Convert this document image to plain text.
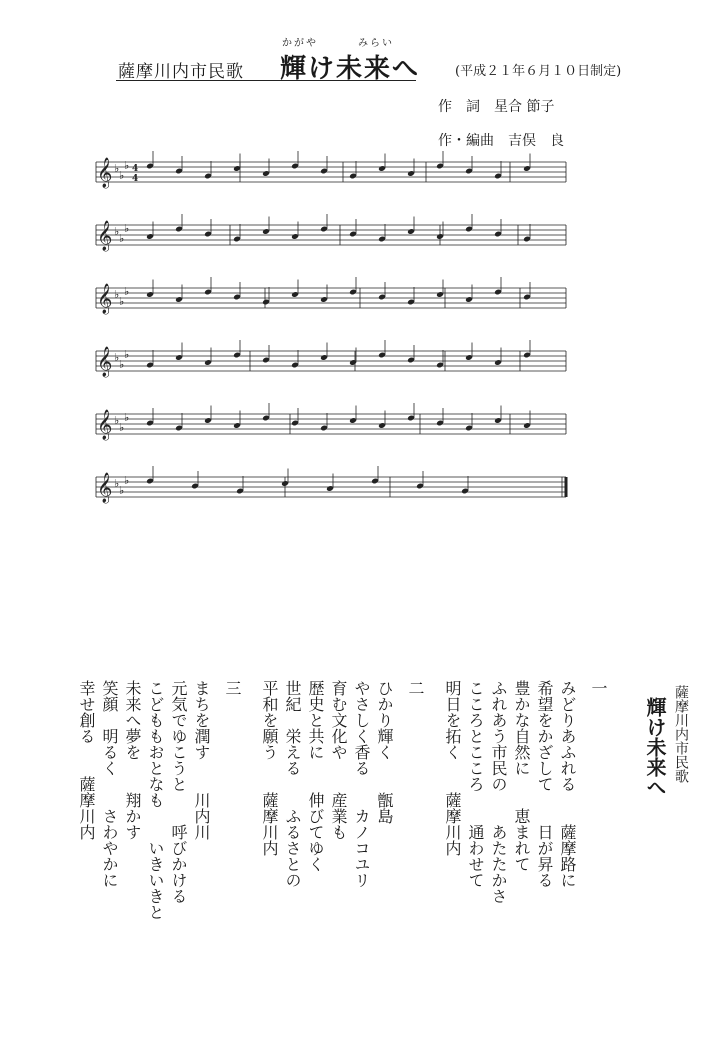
薩摩川内市民歌
かがや	みらい
輝け未来へ	(平成２１年６月１０日制定)
作　詞　星合 節子
作・編曲　吉俣　良
𝄞 ♭
♭
♭ 4
4
𝄞 ♭
♭
♭
𝄞 ♭
♭
♭
𝄞 ♭
♭
♭
𝄞 ♭
♭
♭
𝄞 ♭
♭
♭
一
みどりあふれる　　薩摩路に
希望をかざして　　日が昇る
豊かな自然に　　恵まれて
ふれあう市民の　　あたたかさ
こころとこころ　　通わせて
明日を拓く　　薩摩川内
二
ひかり輝く　　甑島
やさしく香る　　カノコユリ
育む文化や　　産業も
歴史と共に　　伸びてゆく
世紀　栄える　　ふるさとの
平和を願う　　薩摩川内
三
まちを潤す　　川内川
元気でゆこうと　　呼びかける
こどももおとなも　　いきいきと
未来へ夢を　　翔かす
笑顔　明るく　　さわやかに
幸せ創る　　薩摩川内	薩摩川内市民歌
輝け未来へ
